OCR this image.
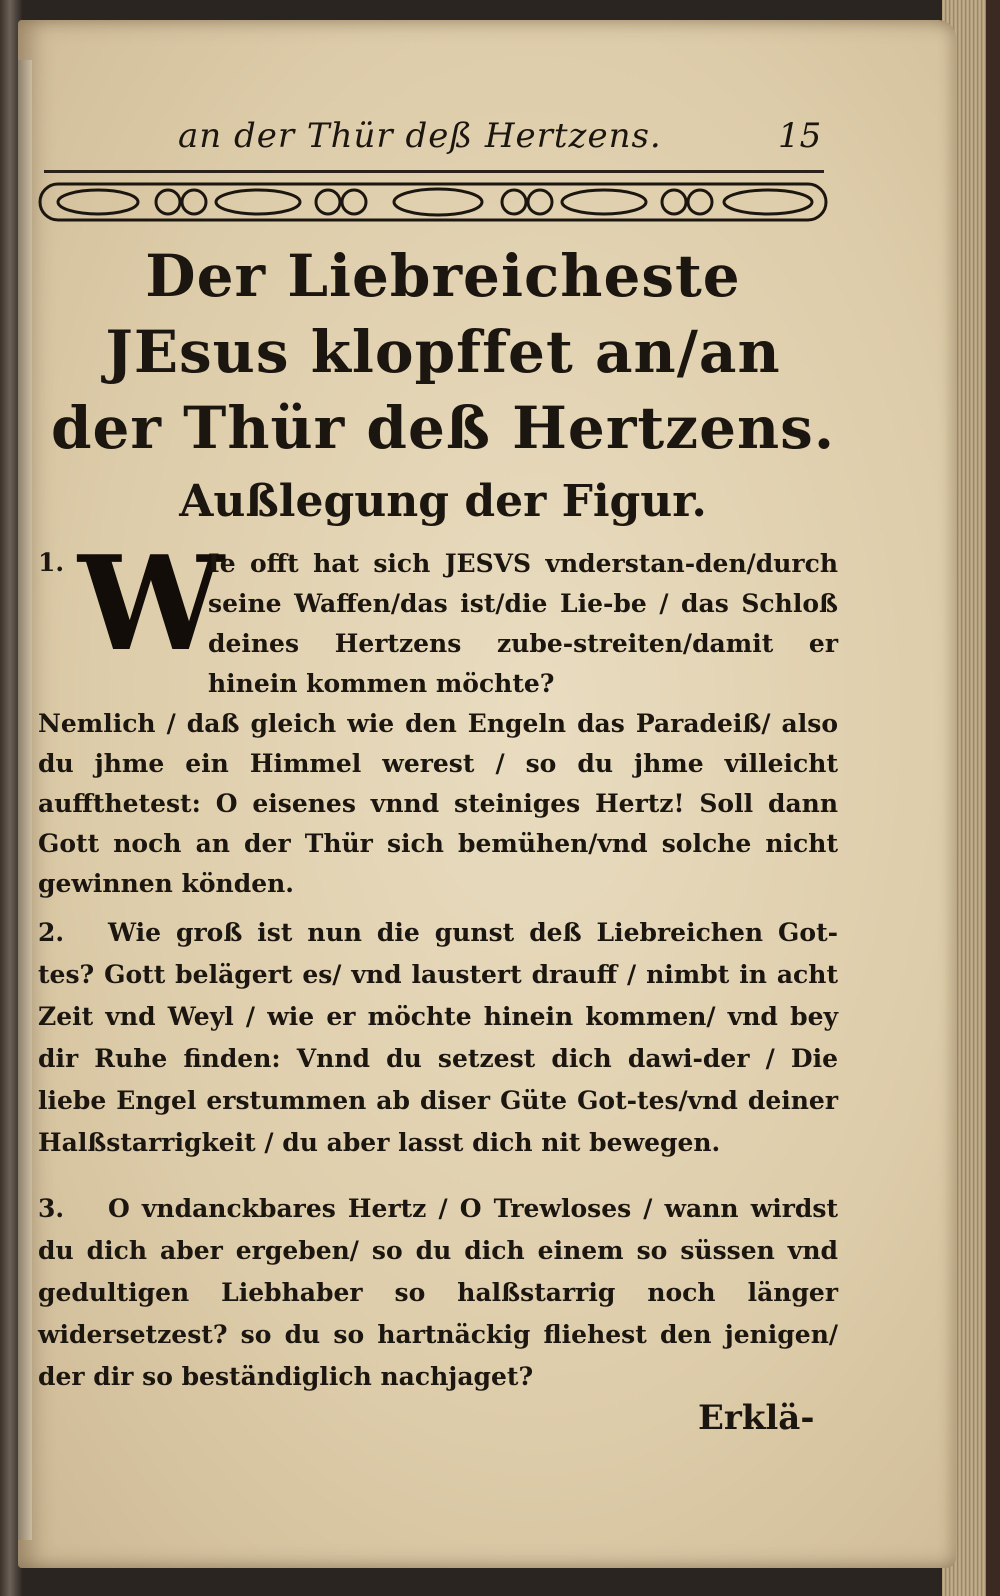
an der Thür deß Hertzens.	15
Der Liebreicheste JEsus klopffet an/an der Thür deß Hertzens.
Außlegung der Figur.
1. W
Ie offt hat sich JESVS vnderstan-den/durch seine Waffen/das ist/die Lie-be / das Schloß deines Hertzens zube-streiten/damit er hinein kommen möchte?
Nemlich / daß gleich wie den Engeln das Paradeiß/ also du jhme ein Himmel werest / so du jhme villeicht auffthetest: O eisenes vnnd steiniges Hertz! Soll dann Gott noch an der Thür sich bemühen/vnd solche nicht gewinnen könden.
2. Wie groß ist nun die gunst deß Liebreichen Got-tes? Gott belägert es/ vnd laustert drauff / nimbt in acht Zeit vnd Weyl / wie er möchte hinein kommen/ vnd bey dir Ruhe finden: Vnnd du setzest dich dawi-der / Die liebe Engel erstummen ab diser Güte Got-tes/vnd deiner Halßstarrigkeit / du aber lasst dich nit bewegen.
3. O vndanckbares Hertz / O Trewloses / wann wirdst du dich aber ergeben/ so du dich einem so süssen vnd gedultigen Liebhaber so halßstarrig noch länger widersetzest? so du so hartnäckig fliehest den jenigen/ der dir so beständiglich nachjaget?
Erklä-
